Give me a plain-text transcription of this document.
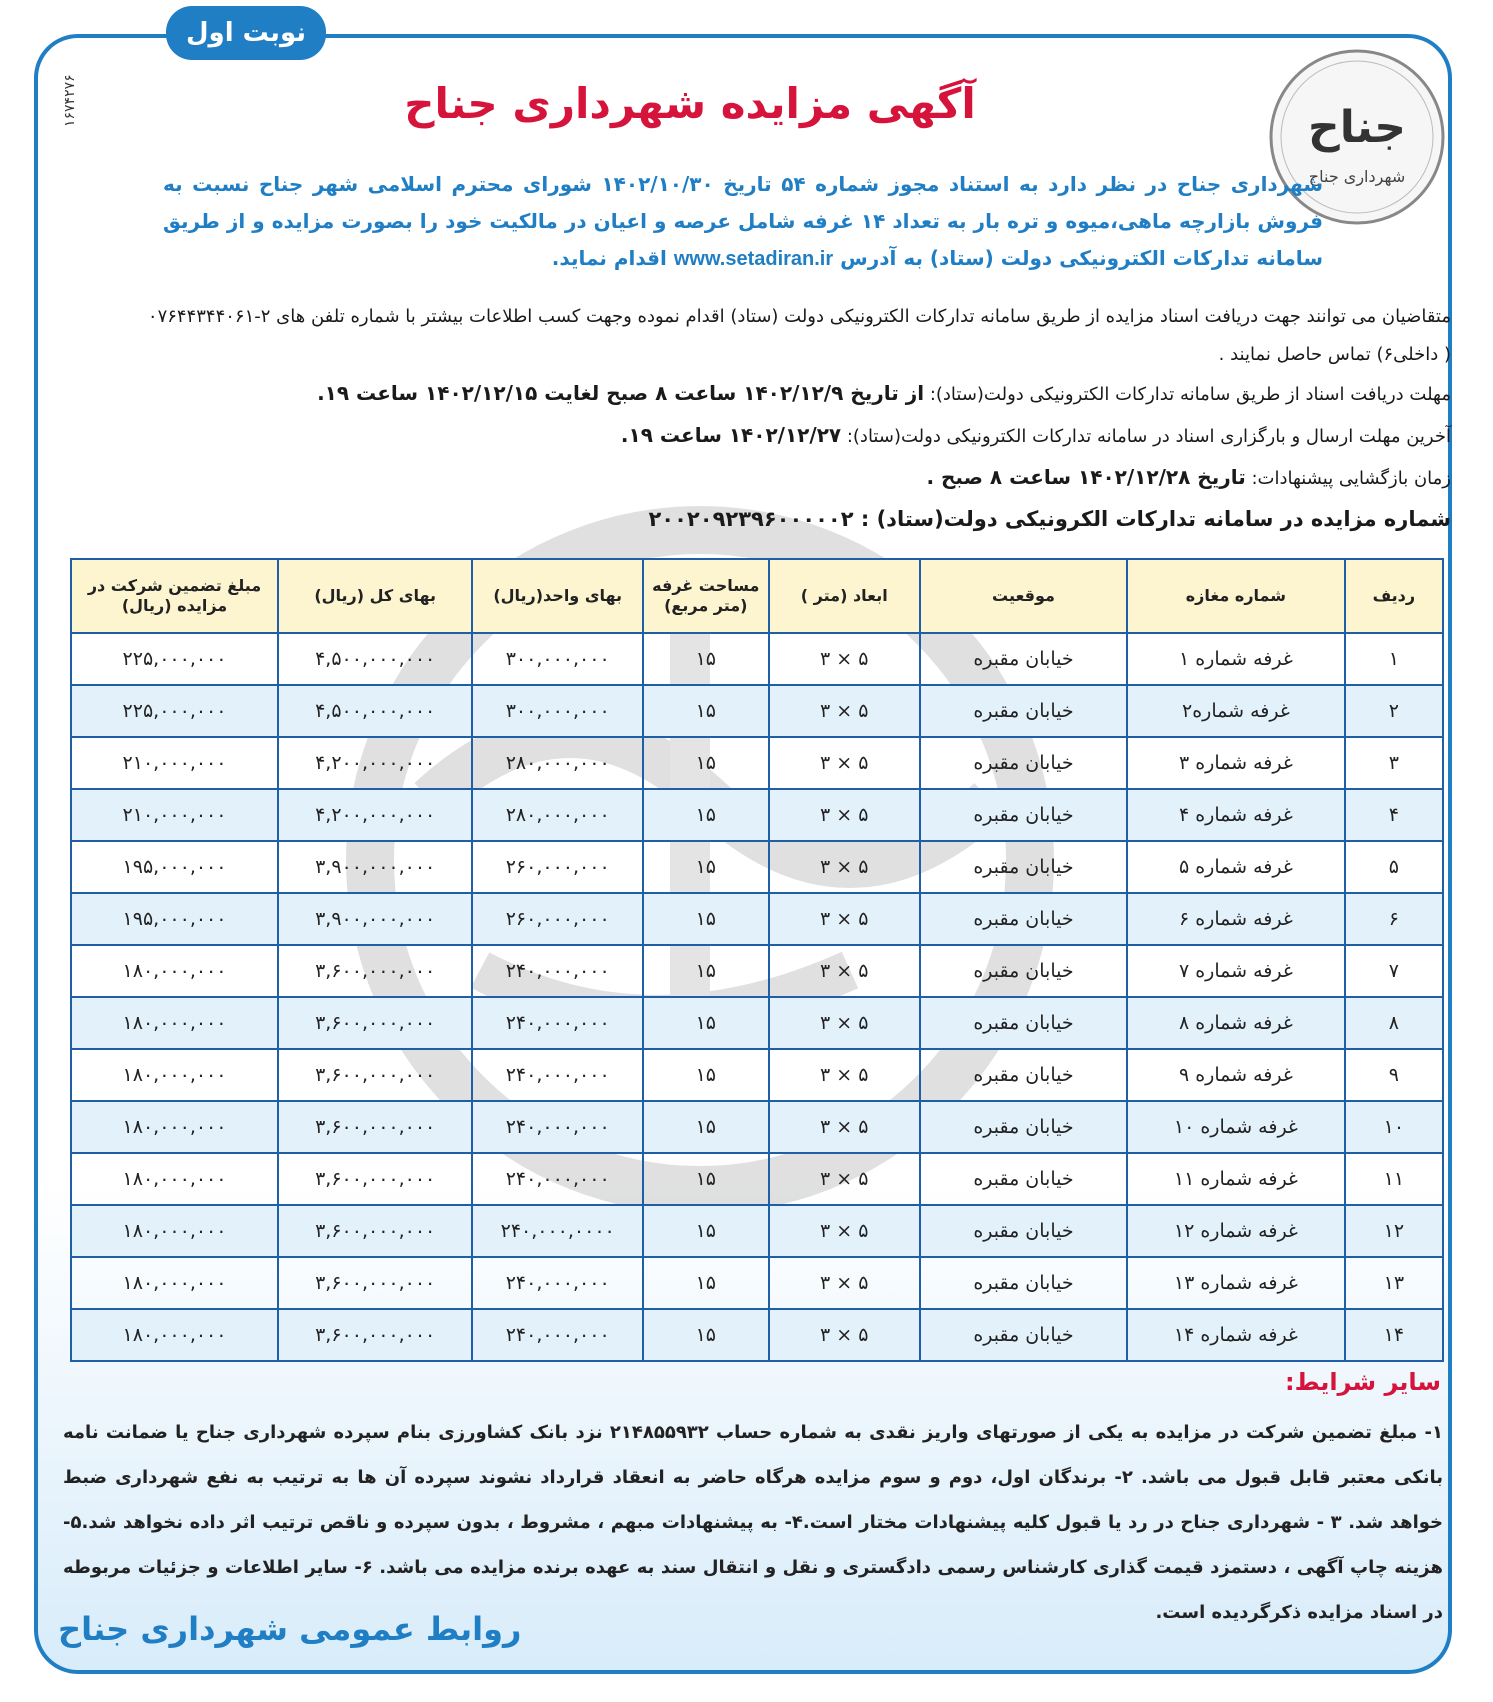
نوبت اول
۱۶۷۴۲۷۶	آگهی مزایده شهرداری جناح	جناح
شهرداری جناح
شهرداری جناح در نظر دارد به استناد مجوز شماره ۵۴ تاریخ ۱۴۰۲/۱۰/۳۰ شورای محترم اسلامی شهر جناح نسبت به فروش بازارچه ماهی،میوه و تره بار به تعداد ۱۴ غرفه شامل عرصه و اعیان در مالکیت خود را بصورت مزایده و از طریق سامانه تدارکات الکترونیکی دولت (ستاد) به آدرس www.setadiran.ir اقدام نماید.
متقاضیان می توانند جهت دریافت اسناد مزایده از طریق سامانه تدارکات الکترونیکی دولت (ستاد) اقدام نموده وجهت کسب اطلاعات بیشتر با شماره تلفن های ۲-۰۷۶۴۴۳۴۴۰۶۱
( داخلی۶) تماس حاصل نمایند .
مهلت دریافت اسناد از طریق سامانه تدارکات الکترونیکی دولت(ستاد): از تاریخ ۱۴۰۲/۱۲/۹ ساعت ۸ صبح لغایت ۱۴۰۲/۱۲/۱۵ ساعت ۱۹.
آخرین مهلت ارسال و بارگزاری اسناد در سامانه تدارکات الکترونیکی دولت(ستاد): ۱۴۰۲/۱۲/۲۷ ساعت ۱۹.
زمان بازگشایی پیشنهادات: تاریخ ۱۴۰۲/۱۲/۲۸ ساعت ۸ صبح .
شماره مزایده در سامانه تدارکات الکرونیکی دولت(ستاد) : ۲۰۰۲۰۹۲۳۹۶۰۰۰۰۰۲
ردیف	شماره مغازه	موقعیت	ابعاد (متر )	مساحت غرفه (متر مربع)	بهای واحد(ریال)	بهای کل (ریال)	مبلغ تضمین شرکت در مزایده (ریال)
۱	غرفه شماره ۱	خیابان مقبره	۵ × ۳	۱۵	۳۰۰,۰۰۰,۰۰۰	۴,۵۰۰,۰۰۰,۰۰۰	۲۲۵,۰۰۰,۰۰۰
۲	غرفه شماره۲	خیابان مقبره	۵ × ۳	۱۵	۳۰۰,۰۰۰,۰۰۰	۴,۵۰۰,۰۰۰,۰۰۰	۲۲۵,۰۰۰,۰۰۰
۳	غرفه شماره ۳	خیابان مقبره	۵ × ۳	۱۵	۲۸۰,۰۰۰,۰۰۰	۴,۲۰۰,۰۰۰,۰۰۰	۲۱۰,۰۰۰,۰۰۰
۴	غرفه شماره ۴	خیابان مقبره	۵ × ۳	۱۵	۲۸۰,۰۰۰,۰۰۰	۴,۲۰۰,۰۰۰,۰۰۰	۲۱۰,۰۰۰,۰۰۰
۵	غرفه شماره ۵	خیابان مقبره	۵ × ۳	۱۵	۲۶۰,۰۰۰,۰۰۰	۳,۹۰۰,۰۰۰,۰۰۰	۱۹۵,۰۰۰,۰۰۰
۶	غرفه شماره ۶	خیابان مقبره	۵ × ۳	۱۵	۲۶۰,۰۰۰,۰۰۰	۳,۹۰۰,۰۰۰,۰۰۰	۱۹۵,۰۰۰,۰۰۰
۷	غرفه شماره ۷	خیابان مقبره	۵ × ۳	۱۵	۲۴۰,۰۰۰,۰۰۰	۳,۶۰۰,۰۰۰,۰۰۰	۱۸۰,۰۰۰,۰۰۰
۸	غرفه شماره ۸	خیابان مقبره	۵ × ۳	۱۵	۲۴۰,۰۰۰,۰۰۰	۳,۶۰۰,۰۰۰,۰۰۰	۱۸۰,۰۰۰,۰۰۰
۹	غرفه شماره ۹	خیابان مقبره	۵ × ۳	۱۵	۲۴۰,۰۰۰,۰۰۰	۳,۶۰۰,۰۰۰,۰۰۰	۱۸۰,۰۰۰,۰۰۰
۱۰	غرفه شماره ۱۰	خیابان مقبره	۵ × ۳	۱۵	۲۴۰,۰۰۰,۰۰۰	۳,۶۰۰,۰۰۰,۰۰۰	۱۸۰,۰۰۰,۰۰۰
۱۱	غرفه شماره ۱۱	خیابان مقبره	۵ × ۳	۱۵	۲۴۰,۰۰۰,۰۰۰	۳,۶۰۰,۰۰۰,۰۰۰	۱۸۰,۰۰۰,۰۰۰
۱۲	غرفه شماره ۱۲	خیابان مقبره	۵ × ۳	۱۵	۲۴۰,۰۰۰,۰۰۰۰	۳,۶۰۰,۰۰۰,۰۰۰	۱۸۰,۰۰۰,۰۰۰
۱۳	غرفه شماره ۱۳	خیابان مقبره	۵ × ۳	۱۵	۲۴۰,۰۰۰,۰۰۰	۳,۶۰۰,۰۰۰,۰۰۰	۱۸۰,۰۰۰,۰۰۰
۱۴	غرفه شماره ۱۴	خیابان مقبره	۵ × ۳	۱۵	۲۴۰,۰۰۰,۰۰۰	۳,۶۰۰,۰۰۰,۰۰۰	۱۸۰,۰۰۰,۰۰۰
سایر شرایط:
۱- مبلغ تضمین شرکت در مزایده به یکی از صورتهای واریز نقدی به شماره حساب ۲۱۴۸۵۵۹۳۲ نزد بانک کشاورزی بنام سپرده شهرداری جناح یا ضمانت نامه بانکی معتبر قابل قبول می باشد. ۲- برندگان اول، دوم و سوم مزایده هرگاه حاضر به انعقاد قرارداد نشوند سپرده آن ها به ترتیب به نفع شهرداری ضبط خواهد شد. ۳ - شهرداری جناح در رد یا قبول کلیه پیشنهادات مختار است.۴- به پیشنهادات مبهم ، مشروط ، بدون سپرده و ناقص ترتیب اثر داده نخواهد شد.۵- هزینه چاپ آگهی ، دستمزد قیمت گذاری کارشناس رسمی دادگستری و نقل و انتقال سند به عهده برنده مزایده می باشد. ۶- سایر اطلاعات و جزئیات مربوطه در اسناد مزایده ذکرگردیده است.
روابط عمومی شهرداری جناح
